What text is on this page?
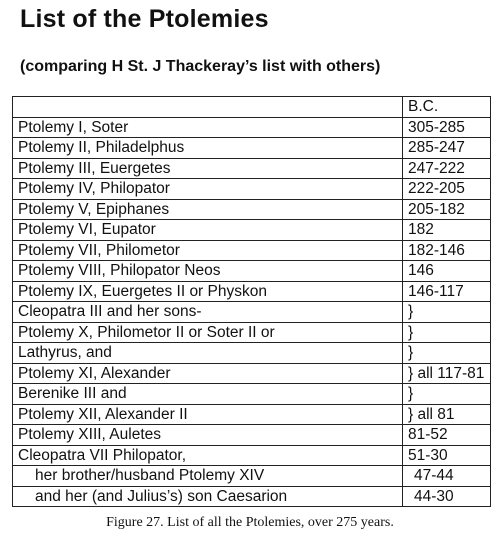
List of the Ptolemies
(comparing H St. J Thackeray’s list with others)
	B.C.
Ptolemy I, Soter	305-285
Ptolemy II, Philadelphus	285-247
Ptolemy III, Euergetes	247-222
Ptolemy IV, Philopator	222-205
Ptolemy V, Epiphanes	205-182
Ptolemy VI, Eupator	182
Ptolemy VII, Philometor	182-146
Ptolemy VIII, Philopator Neos	146
Ptolemy IX, Euergetes II or Physkon	146-117
Cleopatra III and her sons-	}
Ptolemy X, Philometor II or Soter II or	}
Lathyrus, and	}
Ptolemy XI, Alexander	} all 117-81
Berenike III and	}
Ptolemy XII, Alexander II	} all 81
Ptolemy XIII, Auletes	81-52
Cleopatra VII Philopator,	51-30
her brother/husband Ptolemy XIV	47-44
and her (and Julius’s) son Caesarion	44-30
Figure 27. List of all the Ptolemies, over 275 years.
